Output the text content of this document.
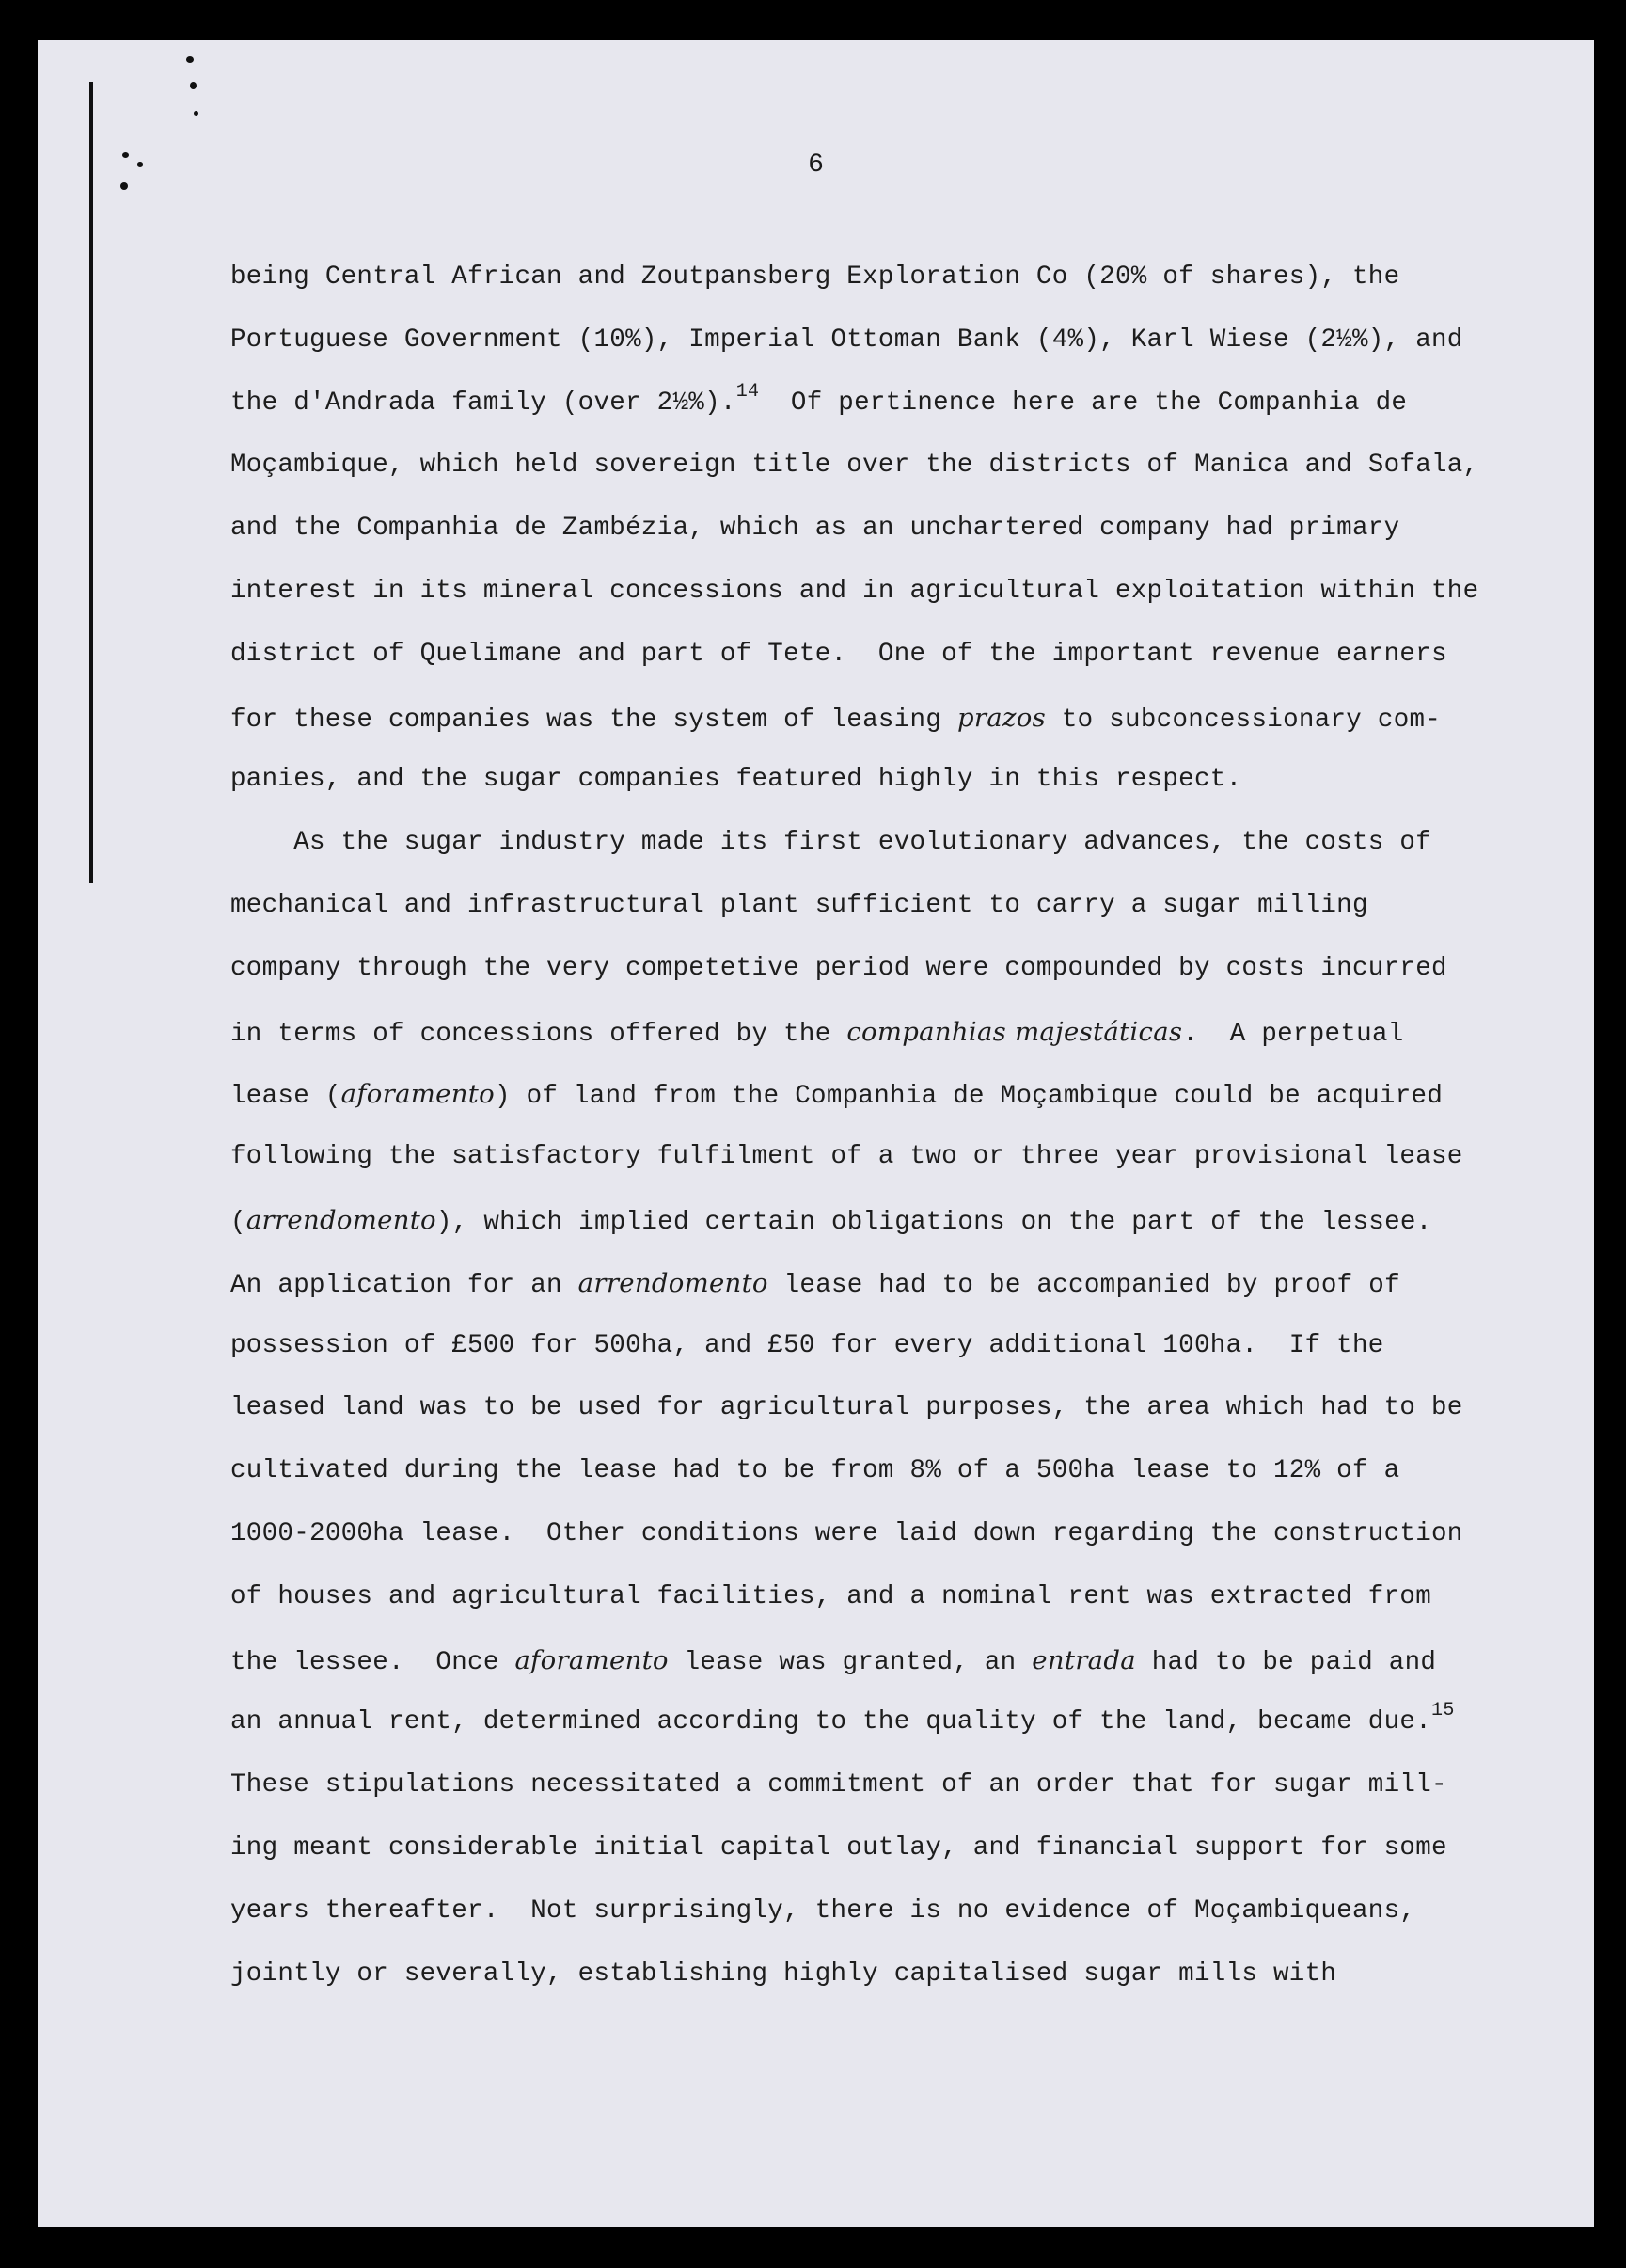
6
being Central African and Zoutpansberg Exploration Co (20% of shares), the
Portuguese Government (10%), Imperial Ottoman Bank (4%), Karl Wiese (2½%), and
the d'Andrada family (over 2½%).$^{14}$  Of pertinence here are the Companhia de
Moçambique, which held sovereign title over the districts of Manica and Sofala,
and the Companhia de Zambézia, which as an unchartered company had primary
interest in its mineral concessions and in agricultural exploitation within the
district of Quelimane and part of Tete.  One of the important revenue earners
for these companies was the system of leasing prazos to subconcessionary com-
panies, and the sugar companies featured highly in this respect.
As the sugar industry made its first evolutionary advances, the costs of
mechanical and infrastructural plant sufficient to carry a sugar milling
company through the very competetive period were compounded by costs incurred
in terms of concessions offered by the companhias majestáticas.  A perpetual
lease (aforamento) of land from the Companhia de Moçambique could be acquired
following the satisfactory fulfilment of a two or three year provisional lease
(arrendomento), which implied certain obligations on the part of the lessee.
An application for an arrendomento lease had to be accompanied by proof of
possession of £500 for 500ha, and £50 for every additional 100ha.  If the
leased land was to be used for agricultural purposes, the area which had to be
cultivated during the lease had to be from 8% of a 500ha lease to 12% of a
1000-2000ha lease.  Other conditions were laid down regarding the construction
of houses and agricultural facilities, and a nominal rent was extracted from
the lessee.  Once aforamento lease was granted, an entrada had to be paid and
an annual rent, determined according to the quality of the land, became due.$^{15}$
These stipulations necessitated a commitment of an order that for sugar mill-
ing meant considerable initial capital outlay, and financial support for some
years thereafter.  Not surprisingly, there is no evidence of Moçambiqueans,
jointly or severally, establishing highly capitalised sugar mills with
